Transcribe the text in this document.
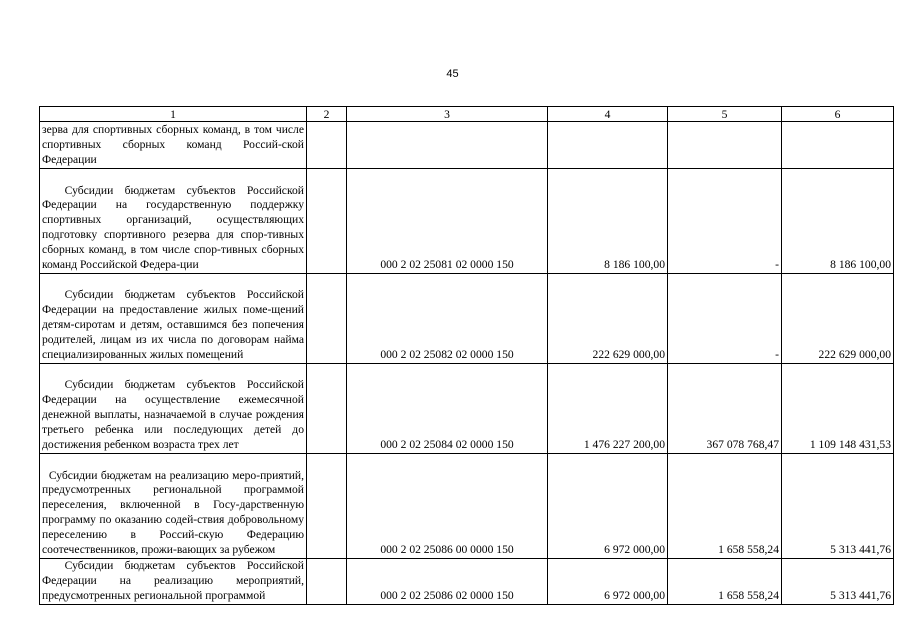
45
1	2	3	4	5	6
зерва для спортивных сборных команд, в том числе спортивных сборных команд Россий-ской Федерации					
Субсидии бюджетам субъектов Российской Федерации на государственную поддержку спортивных организаций, осуществляющих подготовку спортивного резерва для спор-тивных сборных команд, в том числе спор-тивных сборных команд Российской Федера-ции		000 2 02 25081 02 0000 150	8 186 100,00	-	8 186 100,00
Субсидии бюджетам субъектов Российской Федерации на предоставление жилых поме-щений детям-сиротам и детям, оставшимся без попечения родителей, лицам из их числа по договорам найма специализированных жилых помещений		000 2 02 25082 02 0000 150	222 629 000,00	-	222 629 000,00
Субсидии бюджетам субъектов Российской Федерации на осуществление ежемесячной денежной выплаты, назначаемой в случае рождения третьего ребенка или последующих детей до достижения ребенком возраста трех лет		000 2 02 25084 02 0000 150	1 476 227 200,00	367 078 768,47	1 109 148 431,53
Субсидии бюджетам на реализацию меро-приятий, предусмотренных региональной программой переселения, включенной в Госу-дарственную программу по оказанию содей-ствия добровольному переселению в Россий-скую Федерацию соотечественников, прожи-вающих за рубежом		000 2 02 25086 00 0000 150	6 972 000,00	1 658 558,24	5 313 441,76
Субсидии бюджетам субъектов Российской Федерации на реализацию мероприятий, предусмотренных региональной программой		000 2 02 25086 02 0000 150	6 972 000,00	1 658 558,24	5 313 441,76
